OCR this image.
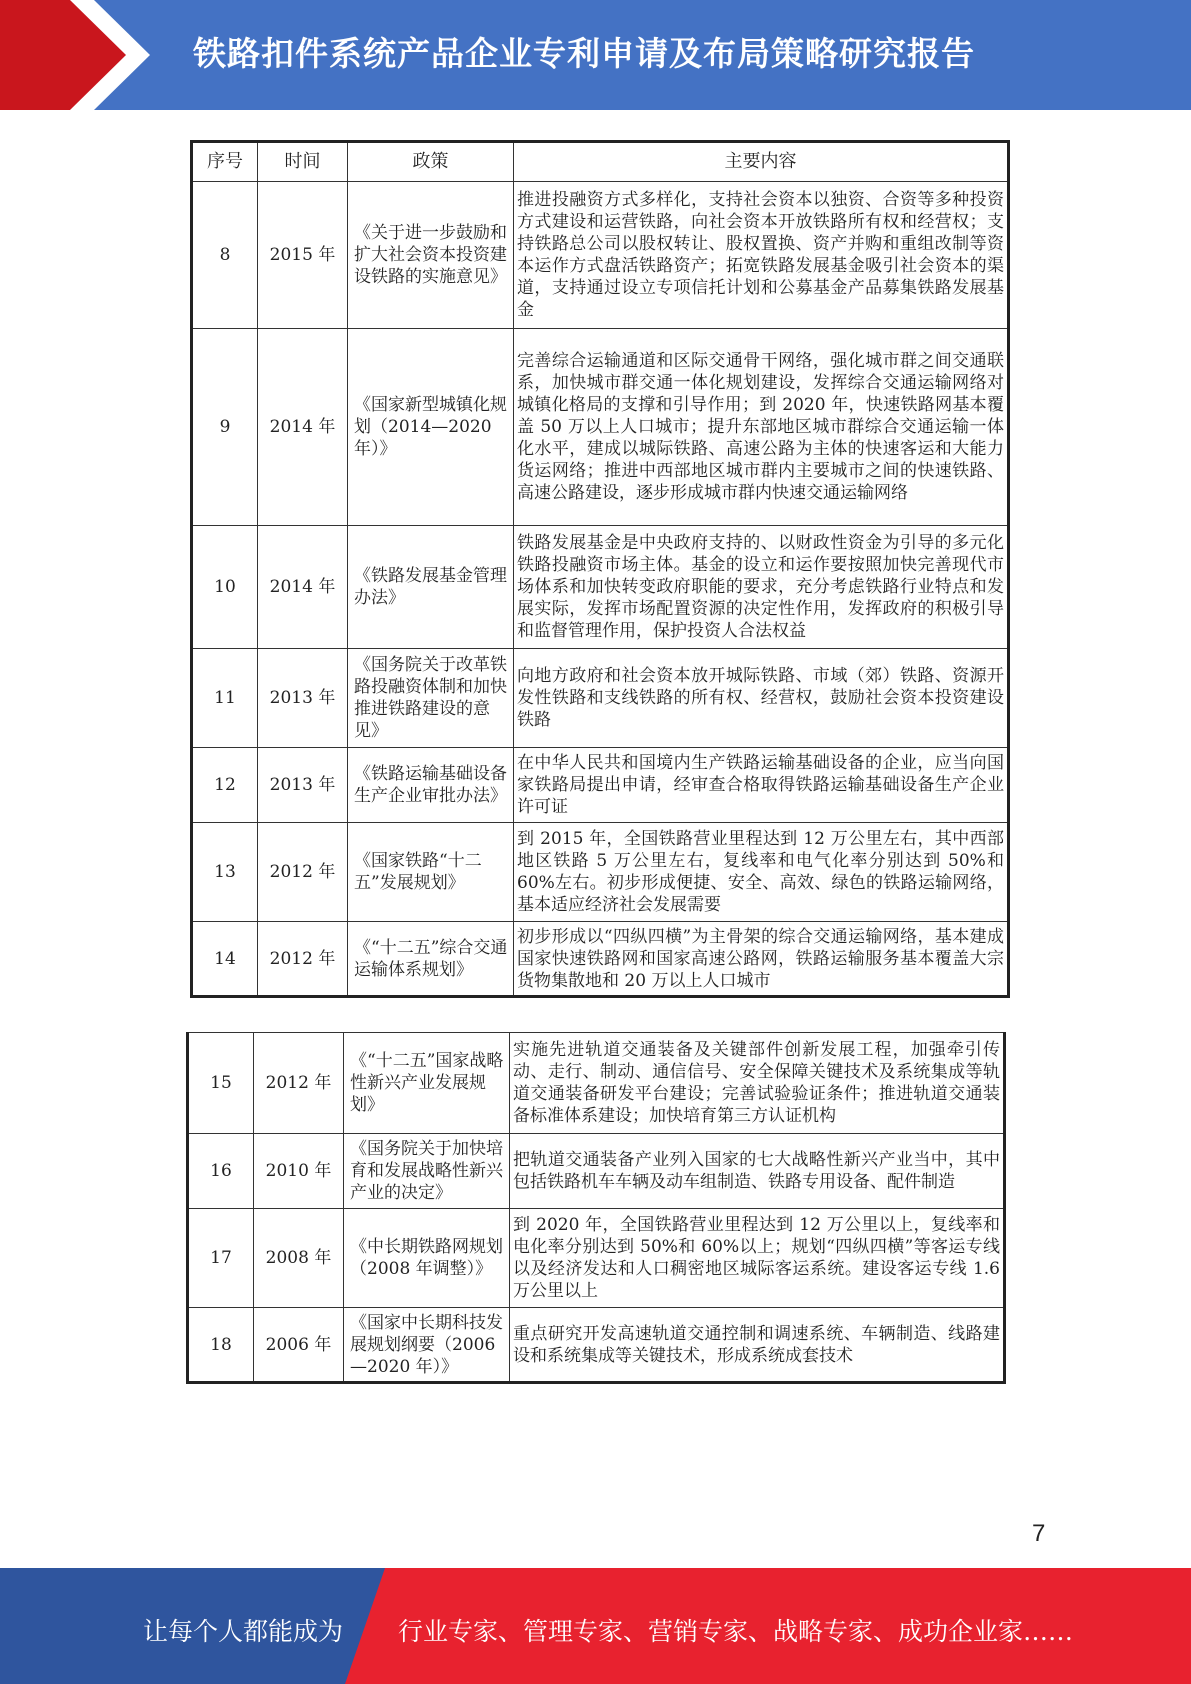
铁路扣件系统产品企业专利申请及布局策略研究报告
序号	时间	政策	主要内容
8	2015 年	《关于进一步鼓励和扩大社会资本投资建设铁路的实施意见》	推进投融资方式多样化，支持社会资本以独资、合资等多种投资方式建设和运营铁路，向社会资本开放铁路所有权和经营权；支持铁路总公司以股权转让、股权置换、资产并购和重组改制等资本运作方式盘活铁路资产；拓宽铁路发展基金吸引社会资本的渠道，支持通过设立专项信托计划和公募基金产品募集铁路发展基金
9	2014 年	《国家新型城镇化规划（2014—2020 年）》	完善综合运输通道和区际交通骨干网络，强化城市群之间交通联系，加快城市群交通一体化规划建设，发挥综合交通运输网络对城镇化格局的支撑和引导作用；到 2020 年，快速铁路网基本覆盖 50 万以上人口城市；提升东部地区城市群综合交通运输一体化水平，建成以城际铁路、高速公路为主体的快速客运和大能力货运网络；推进中西部地区城市群内主要城市之间的快速铁路、高速公路建设，逐步形成城市群内快速交通运输网络
10	2014 年	《铁路发展基金管理办法》	铁路发展基金是中央政府支持的、以财政性资金为引导的多元化铁路投融资市场主体。基金的设立和运作要按照加快完善现代市场体系和加快转变政府职能的要求，充分考虑铁路行业特点和发展实际，发挥市场配置资源的决定性作用，发挥政府的积极引导和监督管理作用，保护投资人合法权益
11	2013 年	《国务院关于改革铁路投融资体制和加快推进铁路建设的意见》	向地方政府和社会资本放开城际铁路、市域（郊）铁路、资源开发性铁路和支线铁路的所有权、经营权，鼓励社会资本投资建设铁路
12	2013 年	《铁路运输基础设备生产企业审批办法》	在中华人民共和国境内生产铁路运输基础设备的企业，应当向国家铁路局提出申请，经审查合格取得铁路运输基础设备生产企业许可证
13	2012 年	《国家铁路“十二五”发展规划》	到 2015 年，全国铁路营业里程达到 12 万公里左右，其中西部地区铁路 5 万公里左右，复线率和电气化率分别达到 50%和 60%左右。初步形成便捷、安全、高效、绿色的铁路运输网络，基本适应经济社会发展需要
14	2012 年	《“十二五”综合交通运输体系规划》	初步形成以“四纵四横”为主骨架的综合交通运输网络，基本建成国家快速铁路网和国家高速公路网，铁路运输服务基本覆盖大宗货物集散地和 20 万以上人口城市
15	2012 年	《“十二五”国家战略性新兴产业发展规划》	实施先进轨道交通装备及关键部件创新发展工程，加强牵引传动、走行、制动、通信信号、安全保障关键技术及系统集成等轨道交通装备研发平台建设；完善试验验证条件；推进轨道交通装备标准体系建设；加快培育第三方认证机构
16	2010 年	《国务院关于加快培育和发展战略性新兴产业的决定》	把轨道交通装备产业列入国家的七大战略性新兴产业当中，其中包括铁路机车车辆及动车组制造、铁路专用设备、配件制造
17	2008 年	《中长期铁路网规划（2008 年调整）》	到 2020 年，全国铁路营业里程达到 12 万公里以上，复线率和电化率分别达到 50%和 60%以上；规划“四纵四横”等客运专线以及经济发达和人口稠密地区城际客运系统。建设客运专线 1.6 万公里以上
18	2006 年	《国家中长期科技发展规划纲要（2006—2020 年）》	重点研究开发高速轨道交通控制和调速系统、车辆制造、线路建设和系统集成等关键技术，形成系统成套技术
7
让每个人都能成为 行业专家、管理专家、营销专家、战略专家、成功企业家……
